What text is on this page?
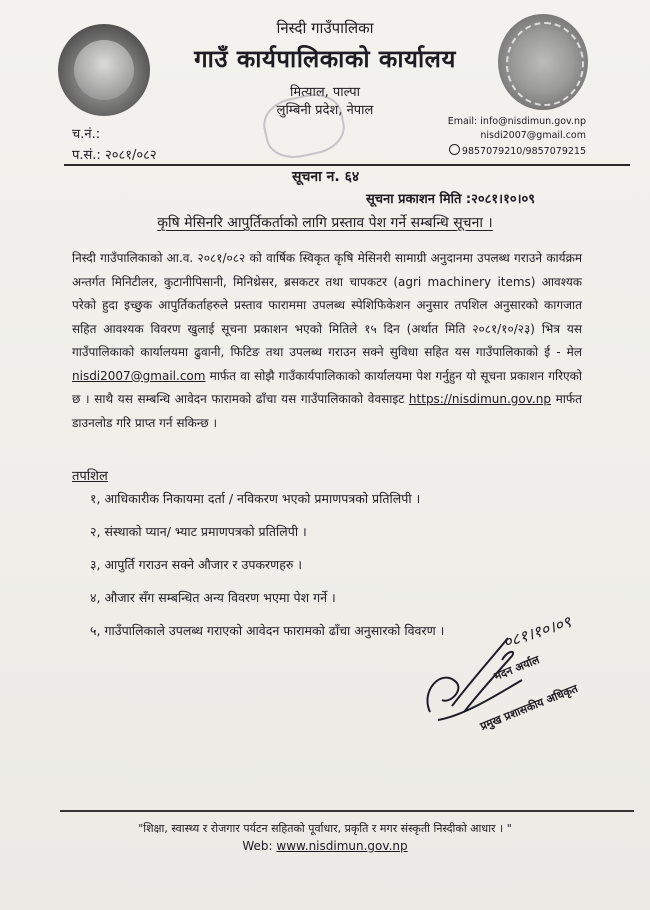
निस्दी गाउँपालिका
गाउँ कार्यपालिकाको कार्यालय
मित्याल, पाल्पा
लुम्बिनी प्रदेश, नेपाल
Email: info@nisdimun.gov.np
nisdi2007@gmail.com
9857079210/9857079215
च.नं.:
प.सं.: २०८१/०८२
सूचना न. ६४
सूचना प्रकाशन मिति :२०८१।१०।०९
कृषि मेसिनरि आपुर्तिकर्ताको लागि प्रस्ताव पेश गर्ने सम्बन्धि सूचना ।
निस्दी गाउँपालिकाको आ.व. २०८१/०८२ को वार्षिक स्विकृत कृषि मेसिनरी सामाग्री अनुदानमा उपलब्ध गराउने कार्यक्रम अन्तर्गत मिनिटीलर, कुटानीपिसानी, मिनिथ्रेसर, ब्रसकटर तथा चापकटर (agri machinery items) आवश्यक परेको हुदा इच्छुक आपुर्तिकर्ताहरुले प्रस्ताव फाराममा उपलब्ध स्पेशिफिकेशन अनुसार तपशिल अनुसारको कागजात सहित आवश्यक विवरण खुलाई सूचना प्रकाशन भएको मितिले १५ दिन (अर्थात मिति २०८१/१०/२३) भित्र यस गाउँपालिकाको कार्यालयमा ढुवानी, फिटिङ तथा उपलब्ध गराउन सक्ने सुविधा सहित यस गाउँपालिकाको ई - मेल nisdi2007@gmail.com मार्फत वा सोझै गाउँकार्यपालिकाको कार्यालयमा पेश गर्नुहुन यो सूचना प्रकाशन गरिएको छ । साथै यस सम्बन्धि आवेदन फारामको ढाँचा यस गाउँपालिकाको वेवसाइट https://nisdimun.gov.np मार्फत डाउनलोड गरि प्राप्त गर्न सकिन्छ ।
तपशिल
१, आधिकारीक निकायमा दर्ता / नविकरण भएको प्रमाणपत्रको प्रतिलिपी ।
२, संस्थाको प्यान/ भ्याट प्रमाणपत्रको प्रतिलिपी ।
३, आपुर्ति गराउन सक्ने औजार र उपकरणहरु ।
४, औजार सँग सम्बन्धित अन्य विवरण भएमा पेश गर्ने ।
५, गाउँपालिकाले उपलब्ध गराएको आवेदन फारामको ढाँचा अनुसारको विवरण ।	०८१।१०।०९
मदन अर्याल
प्रमुख प्रशासकीय अधिकृत
"शिक्षा, स्वास्थ्य र रोजगार पर्यटन सहितको पूर्वाधार, प्रकृति र मगर संस्कृती निस्दीको आधार । "
Web: www.nisdimun.gov.np
